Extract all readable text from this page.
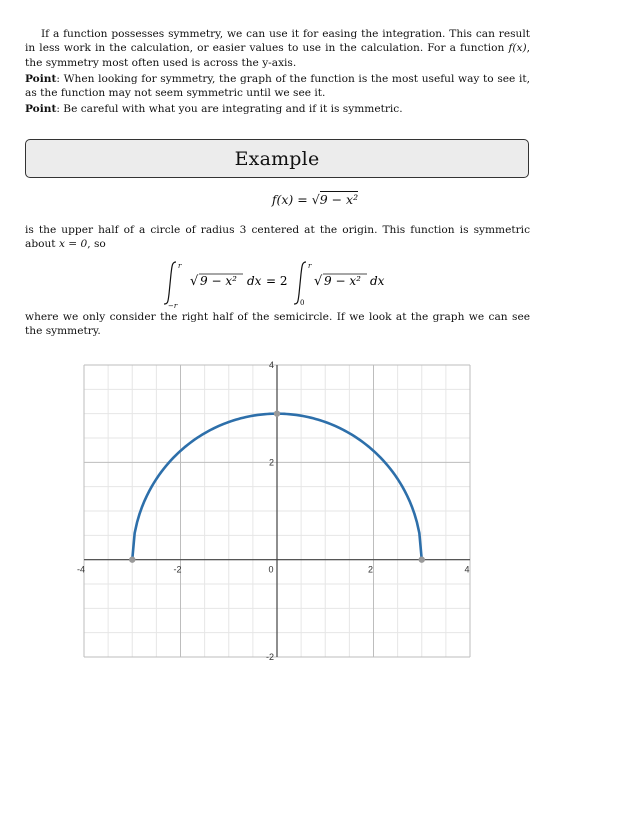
If a function possesses symmetry, we can use it for easing the integration. This can result in less work in the calculation, or easier values to use in the calculation. For a function f(x), the symmetry most often used is across the y-axis.
Point: When looking for symmetry, the graph of the function is the most useful way to see it, as the function may not seem symmetric until we see it.
Point: Be careful with what you are integrating and if it is symmetric.
Example
f(x) = √9 − x²
is the upper half of a circle of radius 3 centered at the origin. This function is symmetric about x = 0, so
r
−r
√ 9 − x² dx = 2
r
0
√ 9 − x² dx
where we only consider the right half of the semicircle. If we look at the graph we can see the symmetry.
-4	-2	0	2	4
-2
2
4
